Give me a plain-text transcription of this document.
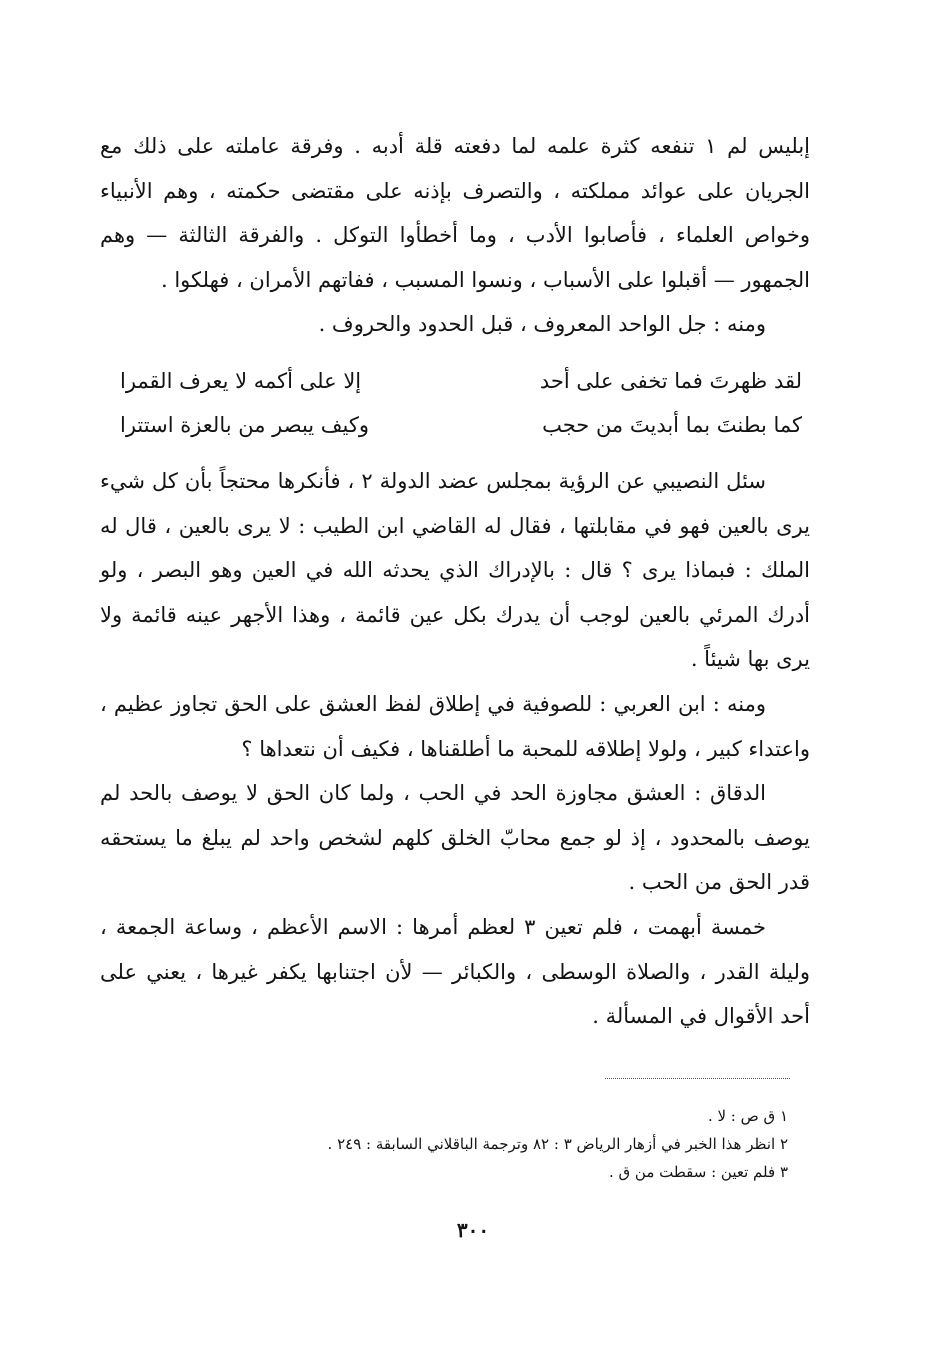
إبليس لم ١ تنفعه كثرة علمه لما دفعته قلة أدبه . وفرقة عاملته على ذلك مع الجريان على عوائد مملكته ، والتصرف بإذنه على مقتضى حكمته ، وهم الأنبياء وخواص العلماء ، فأصابوا الأدب ، وما أخطأوا التوكل . والفرقة الثالثة — وهم الجمهور — أقبلوا على الأسباب ، ونسوا المسبب ، ففاتهم الأمران ، فهلكوا .

ومنه : جل الواحد المعروف ، قبل الحدود والحروف .

لقد ظهرتَ فما تخفى على أحد
إلا على أكمه لا يعرف القمرا
كما بطنتَ بما أبديتَ من حجب
وكيف يبصر من بالعزة استترا

سئل النصيبي عن الرؤية بمجلس عضد الدولة ٢ ، فأنكرها محتجاً بأن كل شيء يرى بالعين فهو في مقابلتها ، فقال له القاضي ابن الطيب : لا يرى بالعين ، قال له الملك : فبماذا يرى ؟ قال : بالإدراك الذي يحدثه الله في العين وهو البصر ، ولو أدرك المرئي بالعين لوجب أن يدرك بكل عين قائمة ، وهذا الأجهر عينه قائمة ولا يرى بها شيئاً .

ومنه : ابن العربي : للصوفية في إطلاق لفظ العشق على الحق تجاوز عظيم ، واعتداء كبير ، ولولا إطلاقه للمحبة ما أطلقناها ، فكيف أن نتعداها ؟

الدقاق : العشق مجاوزة الحد في الحب ، ولما كان الحق لا يوصف بالحد لم يوصف بالمحدود ، إذ لو جمع محابّ الخلق كلهم لشخص واحد لم يبلغ ما يستحقه قدر الحق من الحب .

خمسة أبهمت ، فلم تعين ٣ لعظم أمرها : الاسم الأعظم ، وساعة الجمعة ، وليلة القدر ، والصلاة الوسطى ، والكبائر — لأن اجتنابها يكفر غيرها ، يعني على أحد الأقوال في المسألة .

١ ق ص : لا .
٢ انظر هذا الخبر في أزهار الرياض ٣ : ٨٢ وترجمة الباقلاني السابقة : ٢٤٩ .
٣ فلم تعين : سقطت من ق .
٣٠٠
